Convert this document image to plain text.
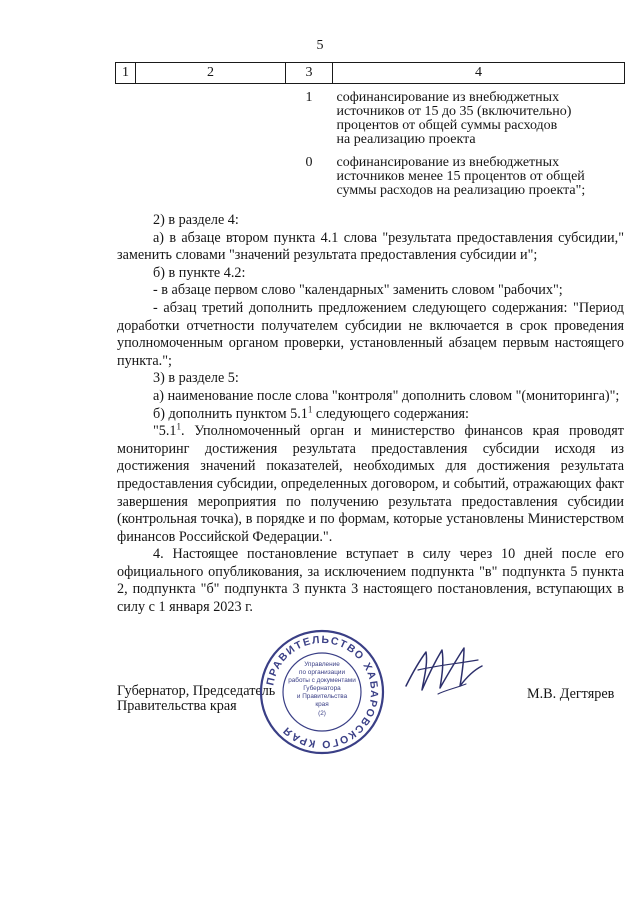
5
1	2	3	4
		1	софинансирование из внебюджетных
источников от 15 до 35 (включительно)
процентов от общей суммы расходов
на реализацию проекта

		0	софинансирование из внебюджетных
источников менее 15 процентов от общей
суммы расходов на реализацию проекта";

2) в разделе 4:

а) в абзаце втором пункта 4.1 слова "результата предоставления субсидии," заменить словами "значений результата предоставления субсидии и";

б) в пункте 4.2:

- в абзаце первом слово "календарных" заменить словом "рабочих";

- абзац третий дополнить предложением следующего содержания: "Период доработки отчетности получателем субсидии не включается в срок проведения уполномоченным органом проверки, установленный абзацем первым настоящего пункта.";

3) в разделе 5:

а) наименование после слова "контроля" дополнить словом "(мониторинга)";

б) дополнить пунктом $5.1^1$ следующего содержания:

"$5.1^1$. Уполномоченный орган и министерство финансов края проводят мониторинг достижения результата предоставления субсидии исходя из достижения значений показателей, необходимых для достижения результата предоставления субсидии, определенных договором, и событий, отражающих факт завершения мероприятия по получению результата предоставления субсидии (контрольная точка), в порядке и по формам, которые установлены Министерством финансов Российской Федерации.".

4. Настоящее постановление вступает в силу через 10 дней после его официального опубликования, за исключением подпункта "в" подпункта 5 пункта 2, подпункта "б" подпункта 3 пункта 3 настоящего постановления, вступающих в силу с 1 января 2023 г.

Губернатор, Председатель
Правительства края
ПРАВИТЕЛЬСТВО ХАБАРОВСКОГО КРАЯ
Управление
по организации
работы с документами
Губернатора
и Правительства
края
(2)
М.В. Дегтярев
